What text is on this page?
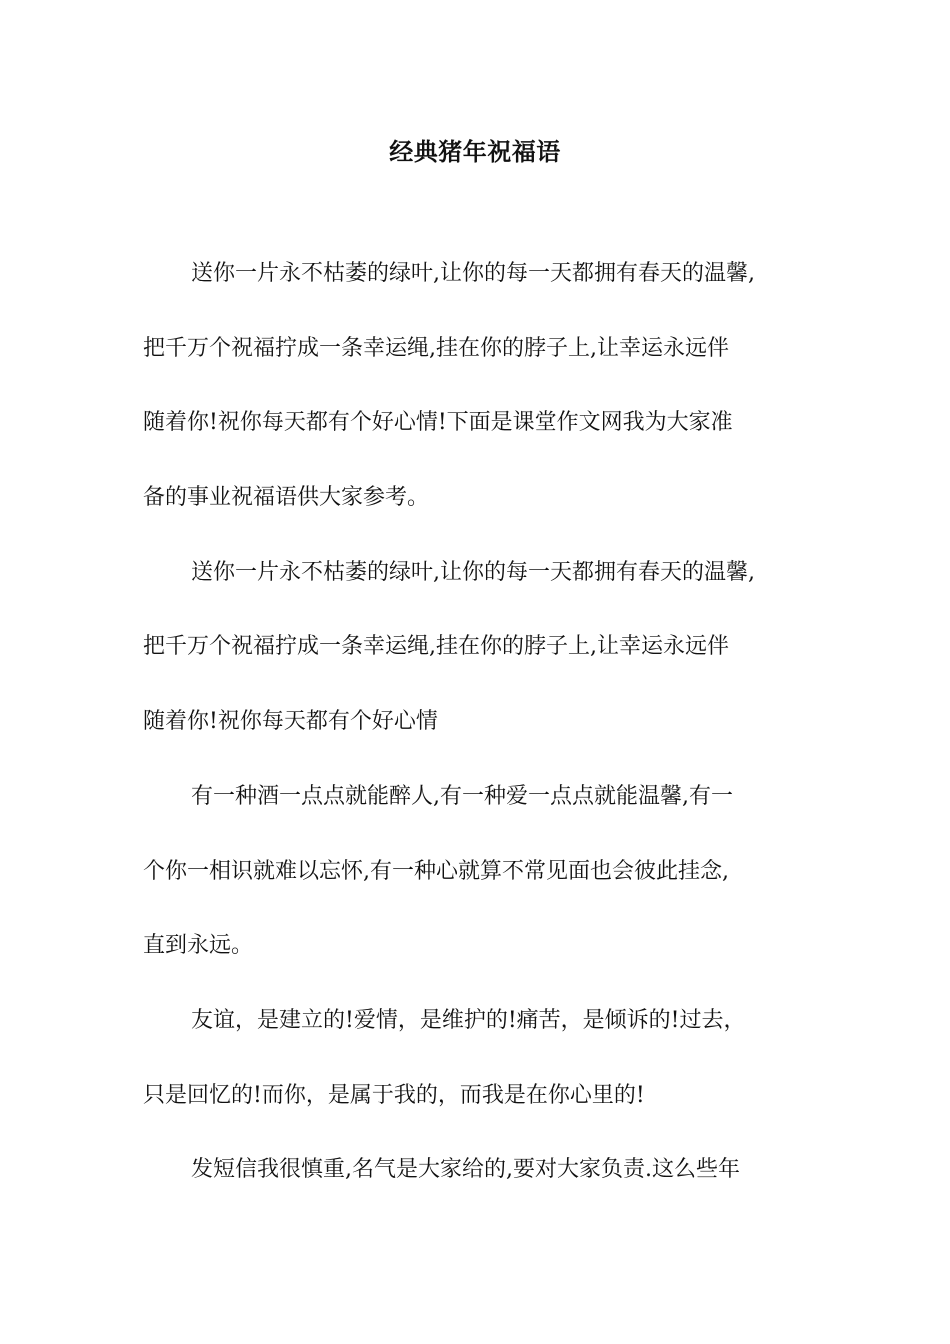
经典猪年祝福语
送你一片永不枯萎的绿叶,让你的每一天都拥有春天的温馨,
把千万个祝福拧成一条幸运绳,挂在你的脖子上,让幸运永远伴
随着你!祝你每天都有个好心情!下面是课堂作文网我为大家准
备的事业祝福语供大家参考。
送你一片永不枯萎的绿叶,让你的每一天都拥有春天的温馨,
把千万个祝福拧成一条幸运绳,挂在你的脖子上,让幸运永远伴
随着你!祝你每天都有个好心情
有一种酒一点点就能醉人,有一种爱一点点就能温馨,有一
个你一相识就难以忘怀,有一种心就算不常见面也会彼此挂念,
直到永远。
友谊，是建立的!爱情，是维护的!痛苦，是倾诉的!过去，
只是回忆的!而你，是属于我的，而我是在你心里的!
发短信我很慎重,名气是大家给的,要对大家负责.这么些年
